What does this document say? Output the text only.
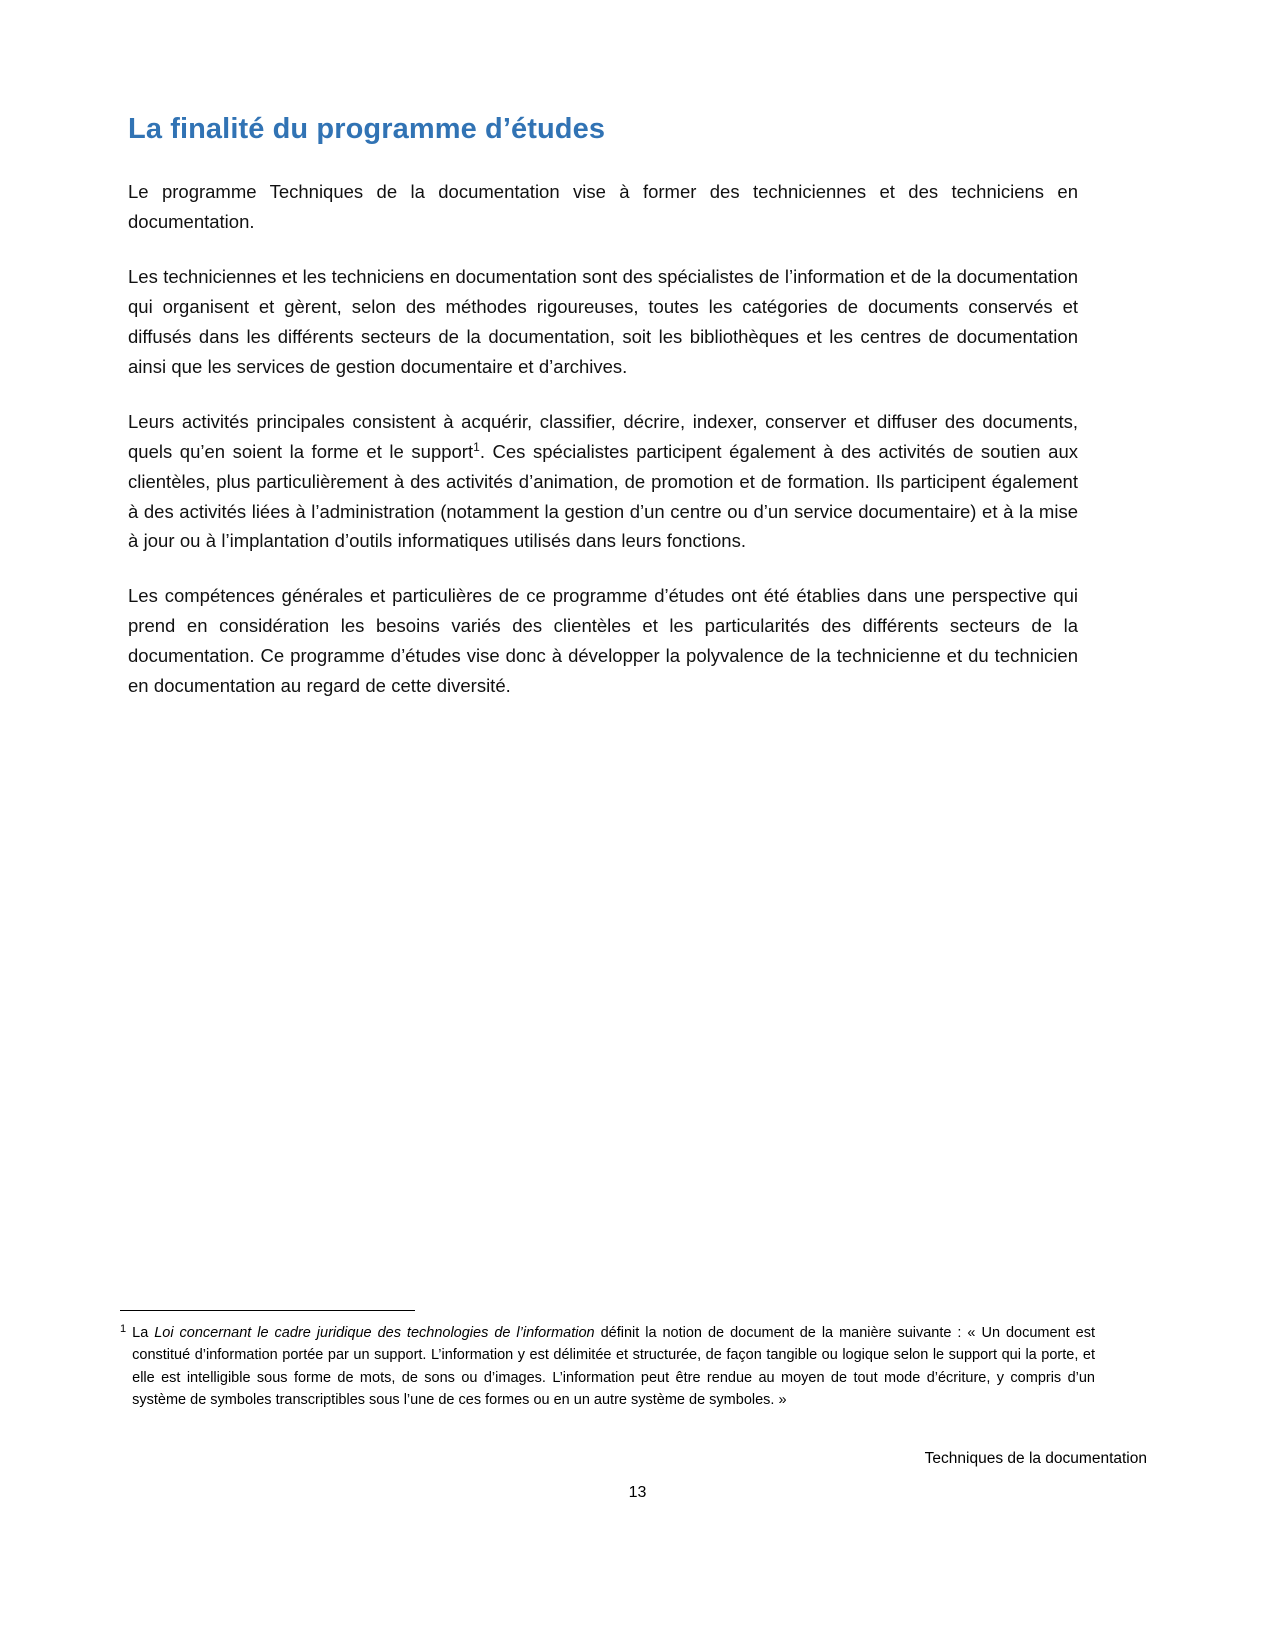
La finalité du programme d’études

Le programme Techniques de la documentation vise à former des techniciennes et des techniciens en documentation.

Les techniciennes et les techniciens en documentation sont des spécialistes de l’information et de la documentation qui organisent et gèrent, selon des méthodes rigoureuses, toutes les catégories de documents conservés et diffusés dans les différents secteurs de la documentation, soit les bibliothèques et les centres de documentation ainsi que les services de gestion documentaire et d’archives.

Leurs activités principales consistent à acquérir, classifier, décrire, indexer, conserver et diffuser des documents, quels qu’en soient la forme et le support$^1$. Ces spécialistes participent également à des activités de soutien aux clientèles, plus particulièrement à des activités d’animation, de promotion et de formation. Ils participent également à des activités liées à l’administration (notamment la gestion d’un centre ou d’un service documentaire) et à la mise à jour ou à l’implantation d’outils informatiques utilisés dans leurs fonctions.

Les compétences générales et particulières de ce programme d’études ont été établies dans une perspective qui prend en considération les besoins variés des clientèles et les particularités des différents secteurs de la documentation. Ce programme d’études vise donc à développer la polyvalence de la technicienne et du technicien en documentation au regard de cette diversité.

1 La Loi concernant le cadre juridique des technologies de l’information définit la notion de document de la manière suivante : « Un document est constitué d’information portée par un support. L’information y est délimitée et structurée, de façon tangible ou logique selon le support qui la porte, et elle est intelligible sous forme de mots, de sons ou d’images. L’information peut être rendue au moyen de tout mode d’écriture, y compris d’un système de symboles transcriptibles sous l’une de ces formes ou en un autre système de symboles. »
Techniques de la documentation
13
